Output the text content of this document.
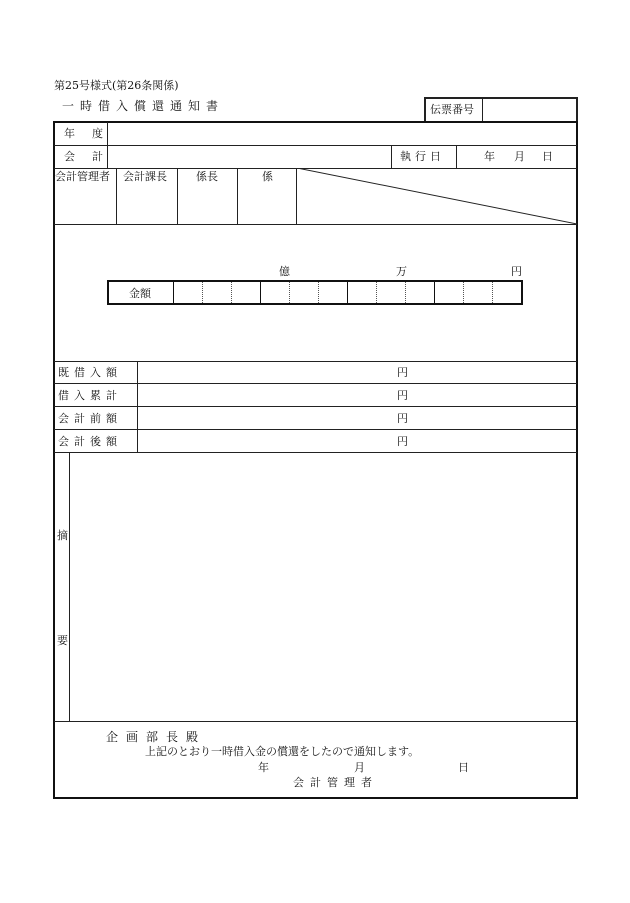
第25号様式(第26条関係)
一時借入償還通知書	伝票番号
年　度
会　計	執行日	年 月 日
会計管理者 会計課長	係長	係
億	万	円
金額
既借入額	円
借入累計	円
会計前額	円
会計後額	円
摘
要
企画部長殿
上記のとおり一時借入金の償還をしたので通知します。
年	月	日
会計管理者
